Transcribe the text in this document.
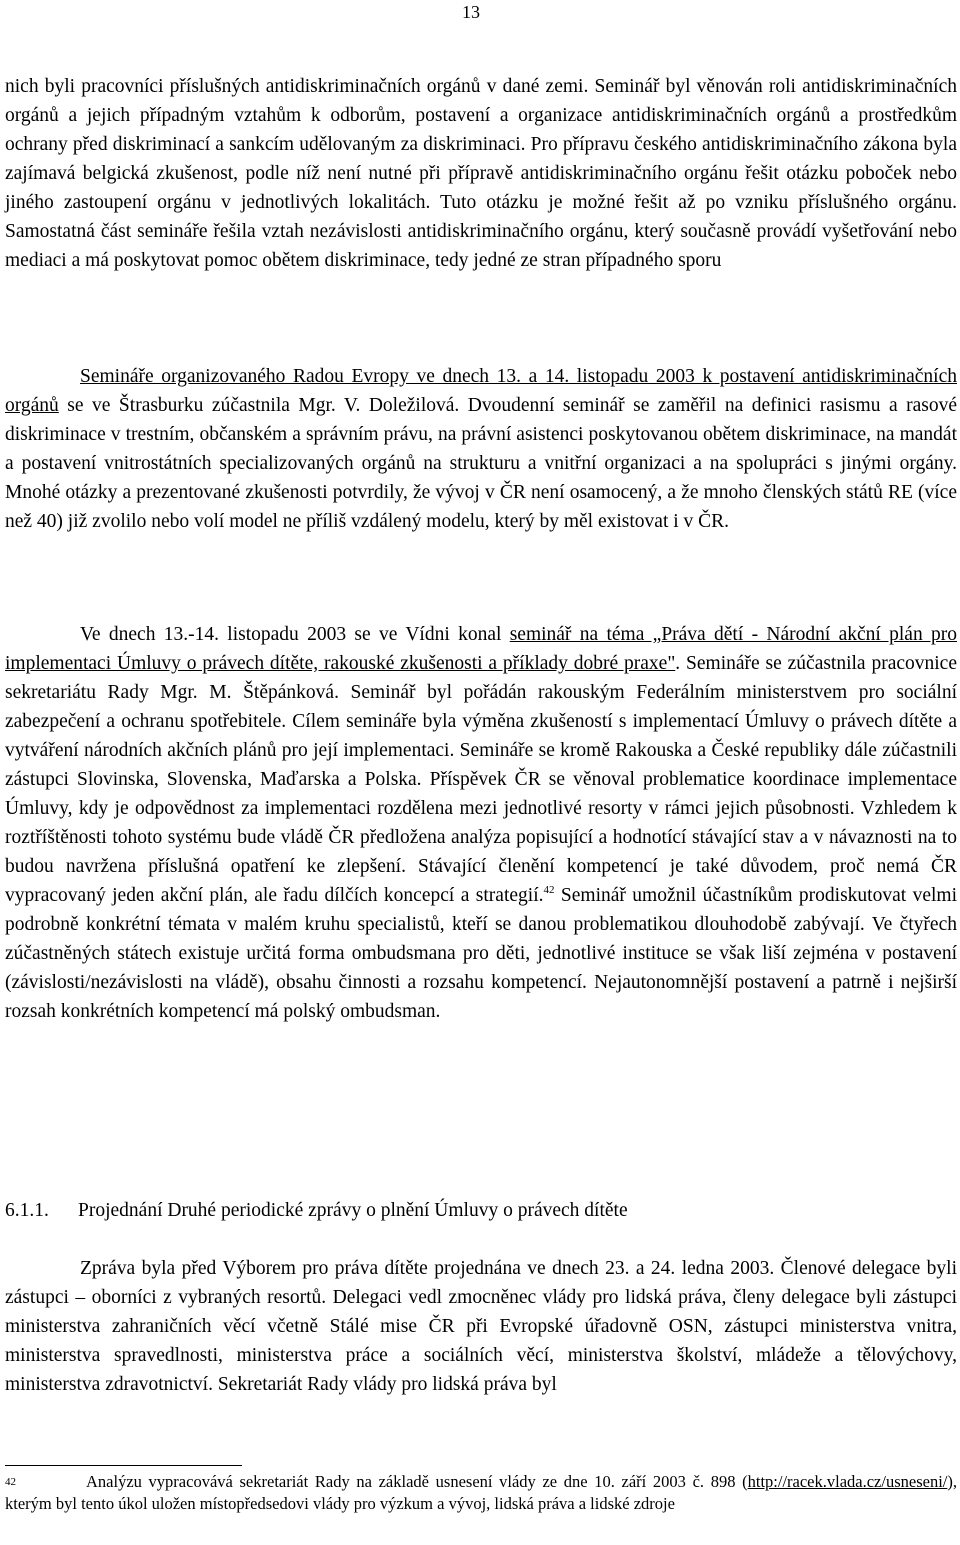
13

nich byli pracovníci příslušných antidiskriminačních orgánů v dané zemi. Seminář byl věnován roli antidiskriminačních orgánů a jejich případným vztahům k odborům, postavení a organizace antidiskriminačních orgánů a prostředkům ochrany před diskriminací a sankcím udělovaným za diskriminaci. Pro přípravu českého antidiskriminačního zákona byla zajímavá belgická zkušenost, podle níž není nutné při přípravě antidiskriminačního orgánu řešit otázku poboček nebo jiného zastoupení orgánu v jednotlivých lokalitách. Tuto otázku je možné řešit až po vzniku příslušného orgánu. Samostatná část semináře řešila vztah nezávislosti antidiskriminačního orgánu, který současně provádí vyšetřování nebo mediaci a má poskytovat pomoc obětem diskriminace, tedy jedné ze stran případného sporu

Semináře organizovaného Radou Evropy ve dnech 13. a 14. listopadu 2003 k postavení antidiskriminačních orgánů se ve Štrasburku zúčastnila Mgr. V. Doležilová. Dvoudenní seminář se zaměřil na definici rasismu a rasové diskriminace v trestním, občanském a správním právu, na právní asistenci poskytovanou obětem diskriminace, na mandát a postavení vnitrostátních specializovaných orgánů na strukturu a vnitřní organizaci a na spolupráci s jinými orgány. Mnohé otázky a prezentované zkušenosti potvrdily, že vývoj v ČR není osamocený, a že mnoho členských států RE (více než 40) již zvolilo nebo volí model ne příliš vzdálený modelu, který by měl existovat i v ČR.

Ve dnech 13.-14. listopadu 2003 se ve Vídni konal seminář na téma „Práva dětí - Národní akční plán pro implementaci Úmluvy o právech dítěte, rakouské zkušenosti a příklady dobré praxe". Semináře se zúčastnila pracovnice sekretariátu Rady Mgr. M. Štěpánková. Seminář byl pořádán rakouským Federálním ministerstvem pro sociální zabezpečení a ochranu spotřebitele. Cílem semináře byla výměna zkušeností s implementací Úmluvy o právech dítěte a vytváření národních akčních plánů pro její implementaci. Semináře se kromě Rakouska a České republiky dále zúčastnili zástupci Slovinska, Slovenska, Maďarska a Polska. Příspěvek ČR se věnoval problematice koordinace implementace Úmluvy, kdy je odpovědnost za implementaci rozdělena mezi jednotlivé resorty v rámci jejich působnosti. Vzhledem k roztříštěnosti tohoto systému bude vládě ČR předložena analýza popisující a hodnotící stávající stav a v návaznosti na to budou navržena příslušná opatření ke zlepšení. Stávající členění kompetencí je také důvodem, proč nemá ČR vypracovaný jeden akční plán, ale řadu dílčích koncepcí a strategií.$^{42}$ Seminář umožnil účastníkům prodiskutovat velmi podrobně konkrétní témata v malém kruhu specialistů, kteří se danou problematikou dlouhodobě zabývají. Ve čtyřech zúčastněných státech existuje určitá forma ombudsmana pro děti, jednotlivé instituce se však liší zejména v postavení (závislosti/nezávislosti na vládě), obsahu činnosti a rozsahu kompetencí. Nejautonomnější postavení a patrně i nejširší rozsah konkrétních kompetencí má polský ombudsman.

6.1.1. Projednání Druhé periodické zprávy o plnění Úmluvy o právech dítěte

Zpráva byla před Výborem pro práva dítěte projednána ve dnech 23. a 24. ledna 2003. Členové delegace byli zástupci – oborníci z vybraných resortů. Delegaci vedl zmocněnec vlády pro lidská práva, členy delegace byli zástupci ministerstva zahraničních věcí včetně Stálé mise ČR při Evropské úřadovně OSN, zástupci ministerstva vnitra, ministerstva spravedlnosti, ministerstva práce a sociálních věcí, ministerstva školství, mládeže a tělovýchovy, ministerstva zdravotnictví. Sekretariát Rady vlády pro lidská práva byl

$^{42}$	Analýzu vypracovává sekretariát Rady na základě usnesení vlády ze dne 10. září 2003 č. 898 (http://racek.vlada.cz/usneseni/), kterým byl tento úkol uložen místopředsedovi vlády pro výzkum a vývoj, lidská práva a lidské zdroje
